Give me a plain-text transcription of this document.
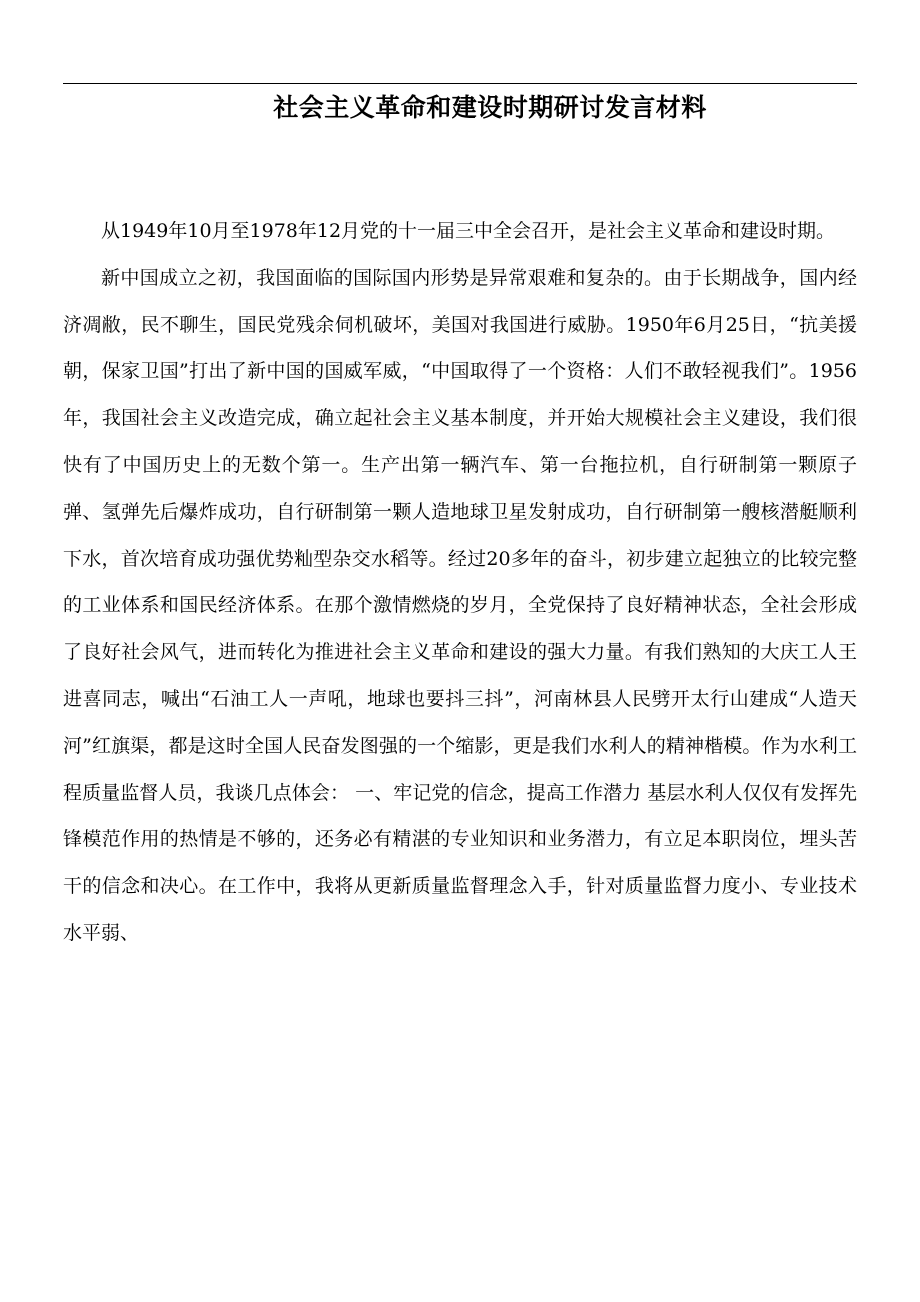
社会主义革命和建设时期研讨发言材料

从1949年10月至1978年12月党的十一届三中全会召开，是社会主义革命和建设时期。

新中国成立之初，我国面临的国际国内形势是异常艰难和复杂的。由于长期战争，国内经济凋敝，民不聊生，国民党残余伺机破坏，美国对我国进行威胁。1950年6月25日，“抗美援朝，保家卫国”打出了新中国的国威军威，“中国取得了一个资格：人们不敢轻视我们”。1956年，我国社会主义改造完成，确立起社会主义基本制度，并开始大规模社会主义建设，我们很快有了中国历史上的无数个第一。生产出第一辆汽车、第一台拖拉机，自行研制第一颗原子弹、氢弹先后爆炸成功，自行研制第一颗人造地球卫星发射成功，自行研制第一艘核潜艇顺利下水，首次培育成功强优势籼型杂交水稻等。经过20多年的奋斗，初步建立起独立的比较完整的工业体系和国民经济体系。在那个激情燃烧的岁月，全党保持了良好精神状态，全社会形成了良好社会风气，进而转化为推进社会主义革命和建设的强大力量。有我们熟知的大庆工人王进喜同志，喊出“石油工人一声吼，地球也要抖三抖”，河南林县人民劈开太行山建成“人造天河”红旗渠，都是这时全国人民奋发图强的一个缩影，更是我们水利人的精神楷模。作为水利工程质量监督人员，我谈几点体会： 一、牢记党的信念，提高工作潜力 基层水利人仅仅有发挥先锋模范作用的热情是不够的，还务必有精湛的专业知识和业务潜力，有立足本职岗位，埋头苦干的信念和决心。在工作中，我将从更新质量监督理念入手，针对质量监督力度小、专业技术水平弱、
